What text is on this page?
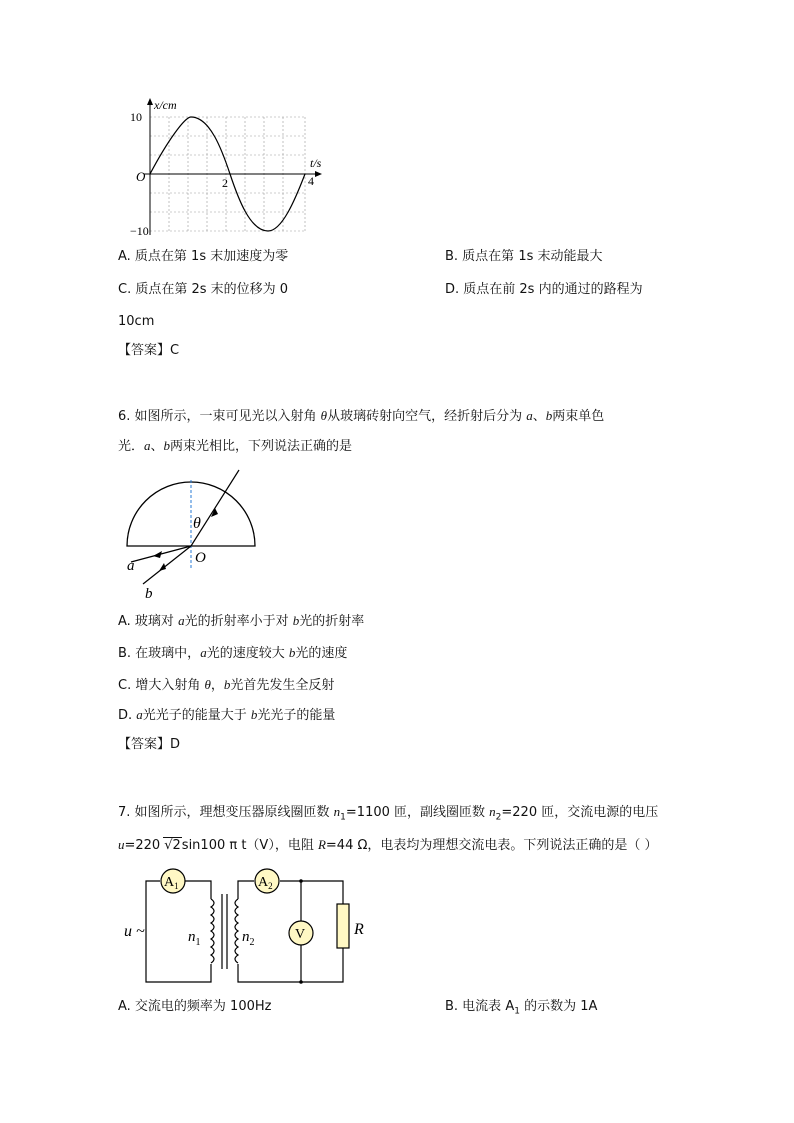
x/cm
t/s
O
10
−10
2	4
A. 质点在第 1s 末加速度为零	B. 质点在第 1s 末动能最大
C. 质点在第 2s 末的位移为 0	D. 质点在前 2s 内的通过的路程为
10cm
【答案】C
6. 如图所示，一束可见光以入射角 θ从玻璃砖射向空气，经折射后分为 a、b两束单色
光．a、b两束光相比，下列说法正确的是
θ
O
a
b
A. 玻璃对 a光的折射率小于对 b光的折射率
B. 在玻璃中，a光的速度较大 b光的速度
C. 增大入射角 θ，b光首先发生全反射
D. a光光子的能量大于 b光光子的能量
【答案】D
7. 如图所示，理想变压器原线圈匝数 $n_1=1100$ 匝，副线圈匝数 $n_2=220$ 匝，交流电源的电压
u=220 √2sin100 π t（V），电阻 R=44 Ω，电表均为理想交流电表。下列说法正确的是（ ）
$A_1$	$A_2$
V	R
u ~	$n_1$	$n_2$
A. 交流电的频率为 100Hz	B. 电流表 $A_1$ 的示数为 1A
